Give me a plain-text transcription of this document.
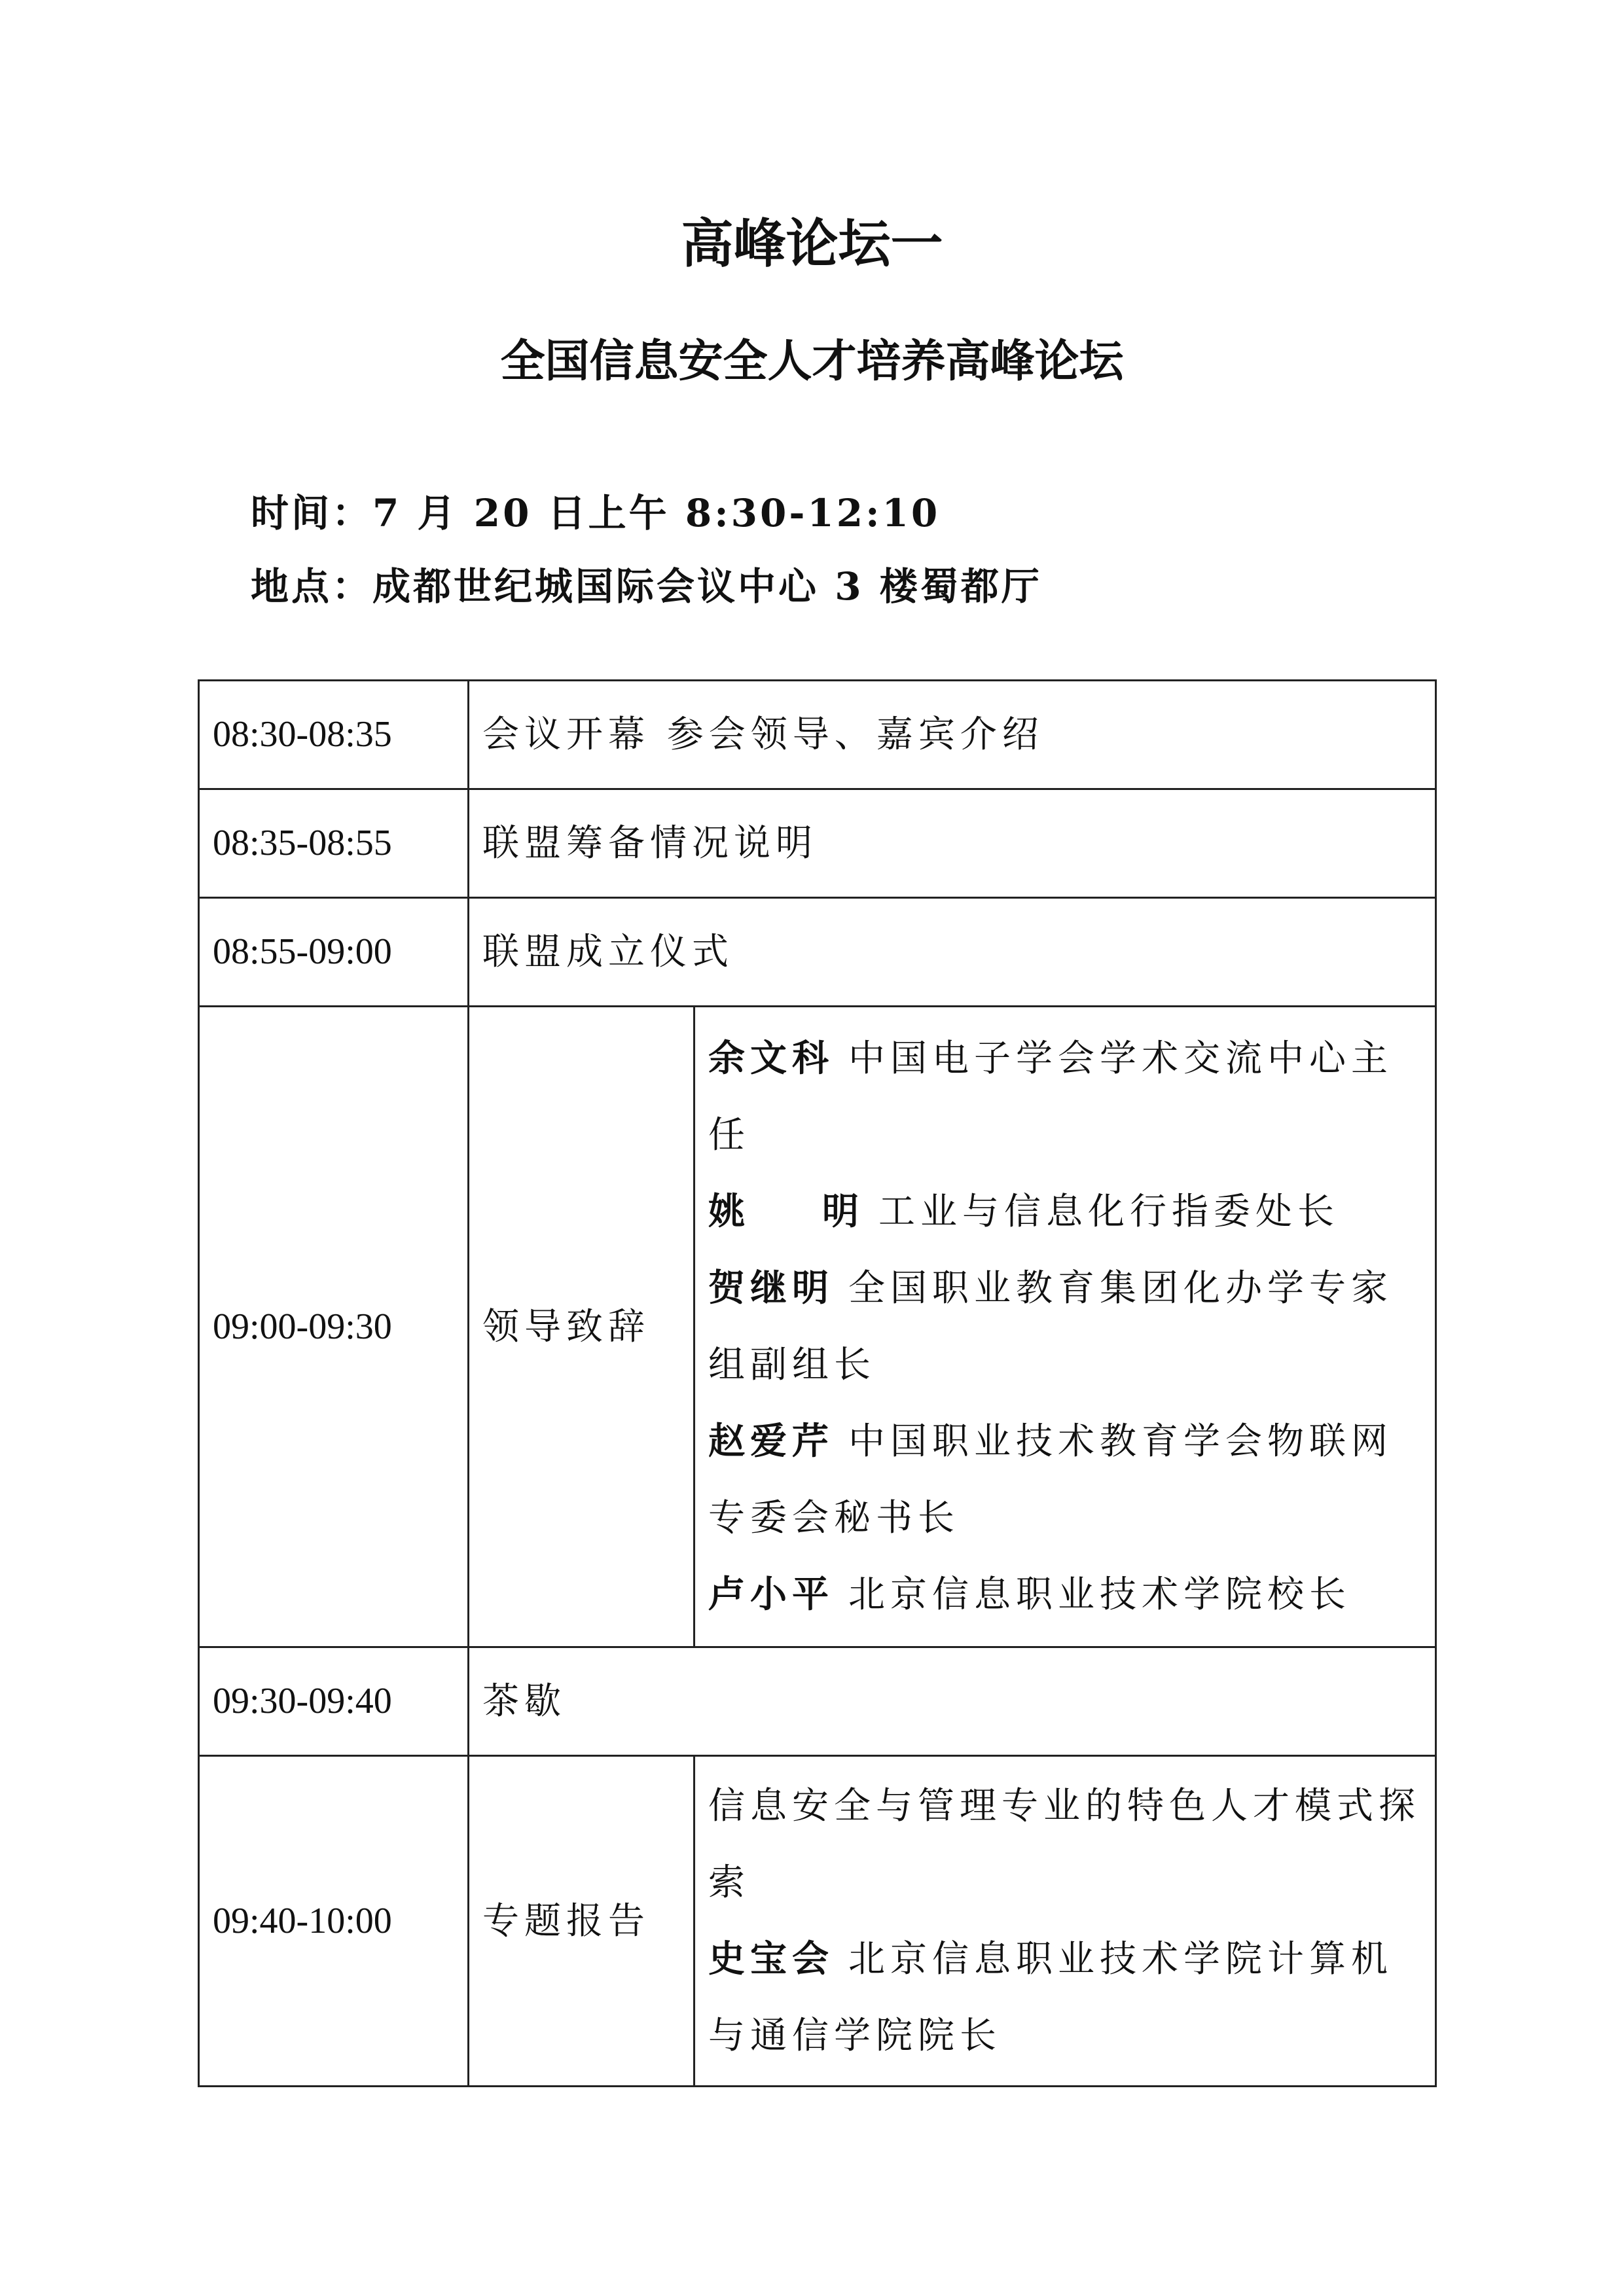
高峰论坛一
全国信息安全人才培养高峰论坛
时间：7 月 20 日上午 8:30-12:10
地点：成都世纪城国际会议中心 3 楼蜀都厅
08:30-08:35	会议开幕 参会领导、嘉宾介绍	
08:35-08:55	联盟筹备情况说明	
08:55-09:00	联盟成立仪式	
09:00-09:30	领导致辞	余文科 中国电子学会学术交流中心主任
姚    明 工业与信息化行指委处长
贺继明 全国职业教育集团化办学专家组副组长
赵爱芹 中国职业技术教育学会物联网专委会秘书长
卢小平 北京信息职业技术学院校长

09:30-09:40	茶歇	
09:40-10:00	专题报告	信息安全与管理专业的特色人才模式探索
史宝会 北京信息职业技术学院计算机与通信学院院长
